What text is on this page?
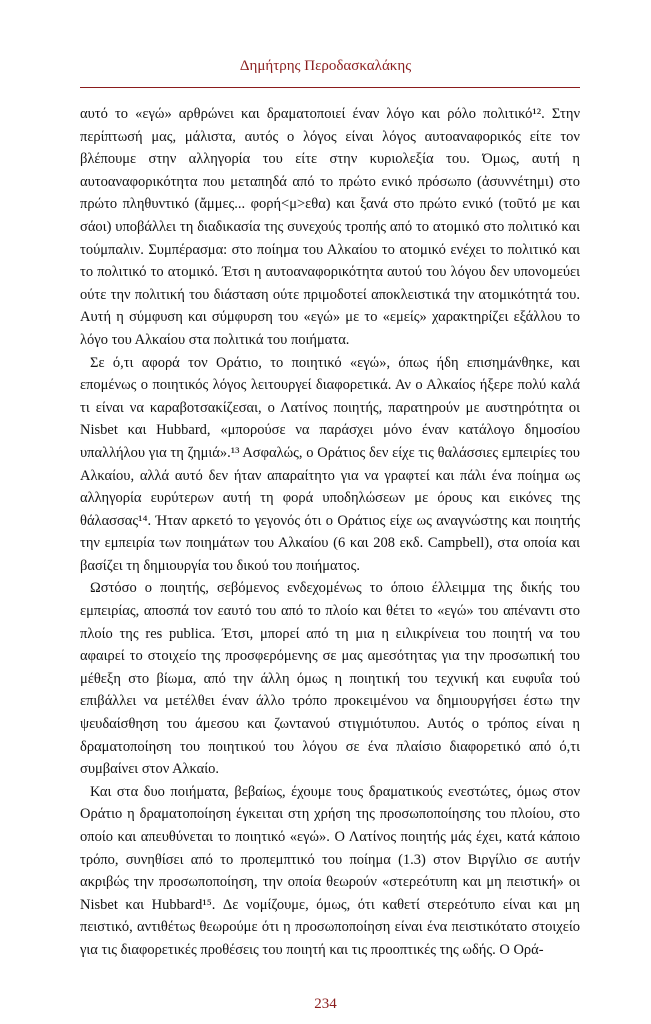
Δημήτρης Περοδασκαλάκης

αυτό το «εγώ» αρθρώνει και δραματοποιεί έναν λόγο και ρόλο πολιτικό¹². Στην περίπτωσή μας, μάλιστα, αυτός ο λόγος είναι λόγος αυτοαναφορικός είτε τον βλέπουμε στην αλληγορία του είτε στην κυριολεξία του. Όμως, αυτή η αυτοαναφορικότητα που μεταπηδά από το πρώτο ενικό πρόσωπο (ἀσυννέτημι) στο πρώτο πληθυντικό (ἄμμες... φορή<μ>εθα) και ξανά στο πρώτο ενικό (τοῦτό με και σάοι) υποβάλλει τη διαδικασία της συνεχούς τροπής από το ατομικό στο πολιτικό και τούμπαλιν. Συμπέρασμα: στο ποίημα του Αλκαίου το ατομικό ενέχει το πολιτικό και το πολιτικό το ατομικό. Έτσι η αυτοαναφορικότητα αυτού του λόγου δεν υπονομεύει ούτε την πολιτική του διάσταση ούτε πριμοδοτεί αποκλειστικά την ατομικότητά του. Αυτή η σύμφυση και σύμφυρση του «εγώ» με το «εμείς» χαρακτηρίζει εξάλλου το λόγο του Αλκαίου στα πολιτικά του ποιήματα.

Σε ό,τι αφορά τον Οράτιο, το ποιητικό «εγώ», όπως ήδη επισημάνθηκε, και επομένως ο ποιητικός λόγος λειτουργεί διαφορετικά. Αν ο Αλκαίος ήξερε πολύ καλά τι είναι να καραβοτσακίζεσαι, ο Λατίνος ποιητής, παρατηρούν με αυστηρότητα οι Nisbet και Hubbard, «μπορούσε να παράσχει μόνο έναν κατάλογο δημοσίου υπαλλήλου για τη ζημιά».¹³ Ασφαλώς, ο Οράτιος δεν είχε τις θαλάσσιες εμπειρίες του Αλκαίου, αλλά αυτό δεν ήταν απαραίτητο για να γραφτεί και πάλι ένα ποίημα ως αλληγορία ευρύτερων αυτή τη φορά υποδηλώσεων με όρους και εικόνες της θάλασσας¹⁴. Ήταν αρκετό το γεγονός ότι ο Οράτιος είχε ως αναγνώστης και ποιητής την εμπειρία των ποιημάτων του Αλκαίου (6 και 208 εκδ. Campbell), στα οποία και βασίζει τη δημιουργία του δικού του ποιήματος.

Ωστόσο ο ποιητής, σεβόμενος ενδεχομένως το όποιο έλλειμμα της δικής του εμπειρίας, αποσπά τον εαυτό του από το πλοίο και θέτει το «εγώ» του απέναντι στο πλοίο της res publica. Έτσι, μπορεί από τη μια η ειλικρίνεια του ποιητή να του αφαιρεί το στοιχείο της προσφερόμενης σε μας αμεσότητας για την προσωπική του μέθεξη στο βίωμα, από την άλλη όμως η ποιητική του τεχνική και ευφυΐα τού επιβάλλει να μετέλθει έναν άλλο τρόπο προκειμένου να δημιουργήσει έστω την ψευδαίσθηση του άμεσου και ζωντανού στιγμιότυπου. Αυτός ο τρόπος είναι η δραματοποίηση του ποιητικού του λόγου σε ένα πλαίσιο διαφορετικό από ό,τι συμβαίνει στον Αλκαίο.

Και στα δυο ποιήματα, βεβαίως, έχουμε τους δραματικούς ενεστώτες, όμως στον Οράτιο η δραματοποίηση έγκειται στη χρήση της προσωποποίησης του πλοίου, στο οποίο και απευθύνεται το ποιητικό «εγώ». Ο Λατίνος ποιητής μάς έχει, κατά κάποιο τρόπο, συνηθίσει από το προπεμπτικό του ποίημα (1.3) στον Βιργίλιο σε αυτήν ακριβώς την προσωποποίηση, την οποία θεωρούν «στερεότυπη και μη πειστική» οι Nisbet και Hubbard¹⁵. Δε νομίζουμε, όμως, ότι καθετί στερεότυπο είναι και μη πειστικό, αντιθέτως θεωρούμε ότι η προσωποποίηση είναι ένα πειστικότατο στοιχείο για τις διαφορετικές προθέσεις του ποιητή και τις προοπτικές της ωδής. Ο Ορά-

234
